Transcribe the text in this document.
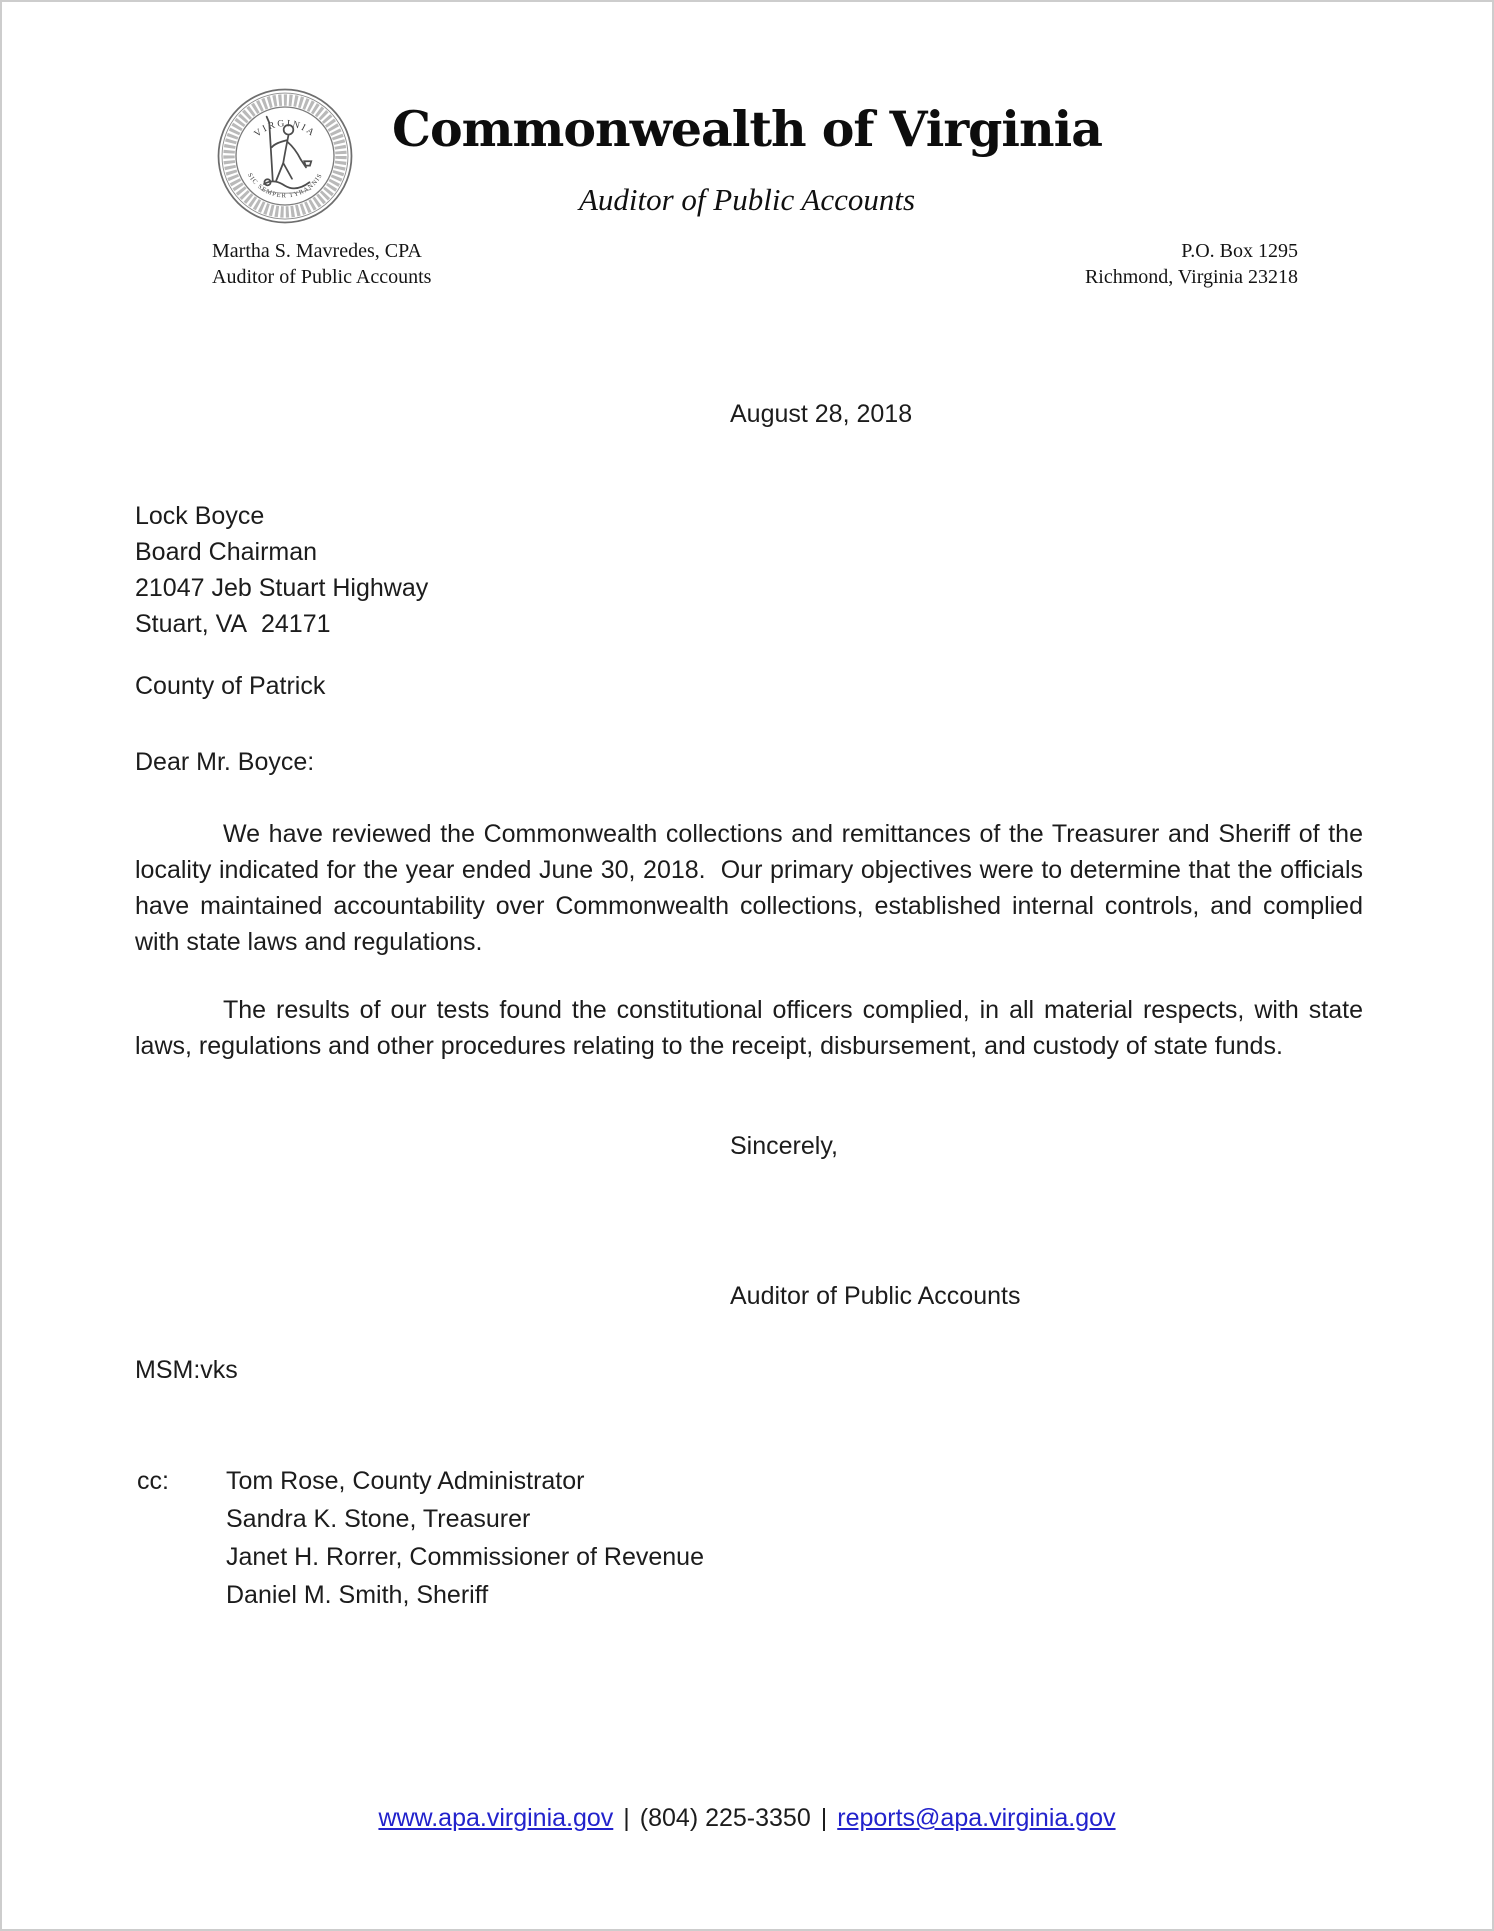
VIRGINIA
SIC SEMPER TYRANNIS
Commonwealth of Virginia
Auditor of Public Accounts
Martha S. Mavredes, CPA
Auditor of Public Accounts
P.O. Box 1295
Richmond, Virginia 23218
August 28, 2018
Lock Boyce
Board Chairman
21047 Jeb Stuart Highway
Stuart, VA  24171
County of Patrick
Dear Mr. Boyce:
We have reviewed the Commonwealth collections and remittances of the Treasurer and Sheriff of the locality indicated for the year ended June 30, 2018.  Our primary objectives were to determine that the officials have maintained accountability over Commonwealth collections, established internal controls, and complied with state laws and regulations.
The results of our tests found the constitutional officers complied, in all material respects, with state laws, regulations and other procedures relating to the receipt, disbursement, and custody of state funds.
Sincerely,
Auditor of Public Accounts
MSM:vks
cc:	Tom Rose, County Administrator
Sandra K. Stone, Treasurer
Janet H. Rorrer, Commissioner of Revenue
Daniel M. Smith, Sheriff
www.apa.virginia.gov | (804) 225-3350 | reports@apa.virginia.gov
